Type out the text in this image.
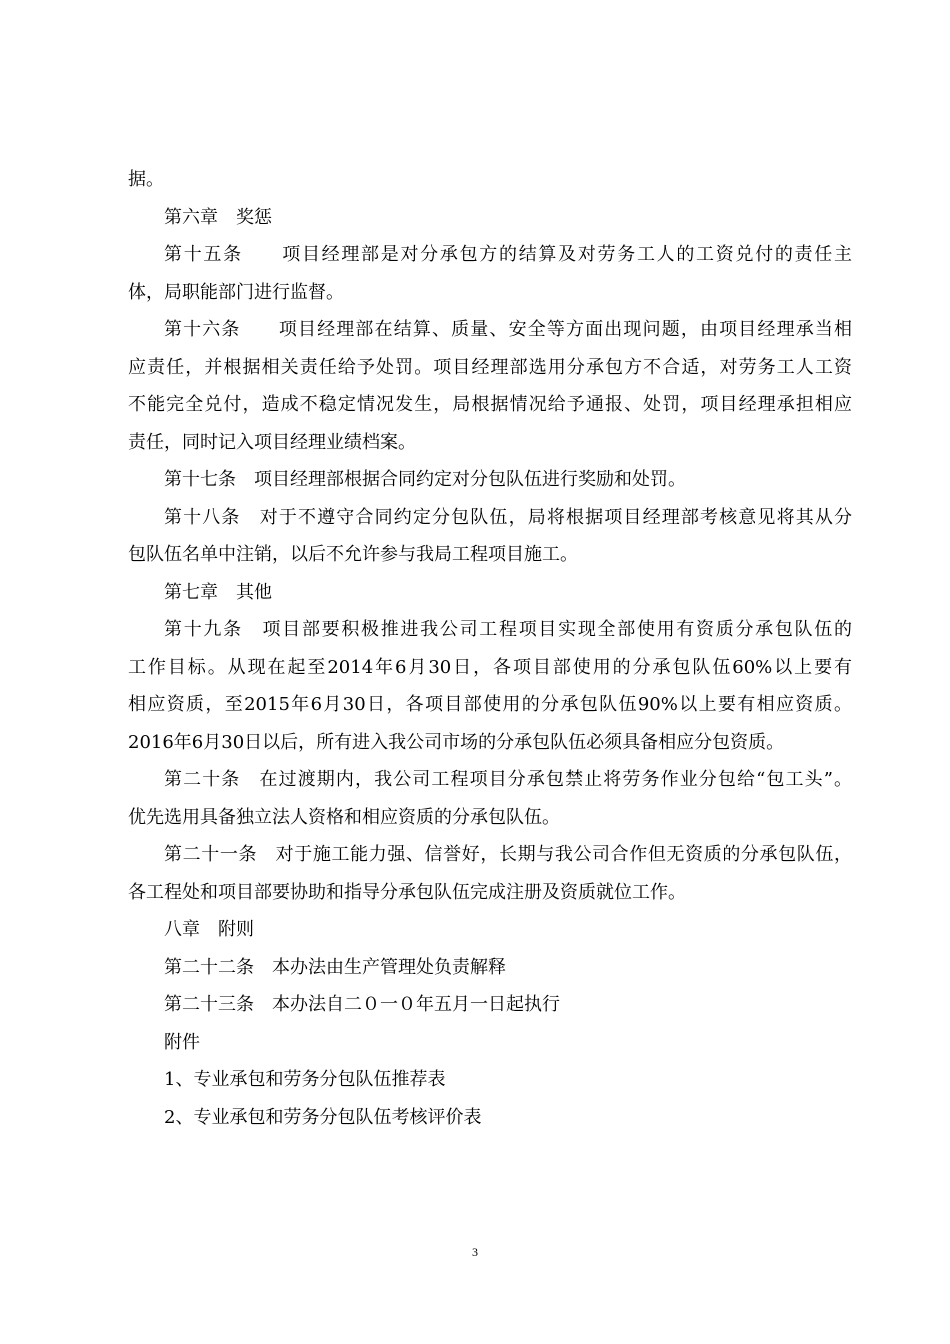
据。
第六章　奖惩
第十五条　　项目经理部是对分承包方的结算及对劳务工人的工资兑付的责任主
体，局职能部门进行监督。
第十六条　　项目经理部在结算、质量、安全等方面出现问题，由项目经理承当相
应责任，并根据相关责任给予处罚。项目经理部选用分承包方不合适，对劳务工人工资
不能完全兑付，造成不稳定情况发生，局根据情况给予通报、处罚，项目经理承担相应
责任，同时记入项目经理业绩档案。
第十七条　项目经理部根据合同约定对分包队伍进行奖励和处罚。
第十八条　对于不遵守合同约定分包队伍，局将根据项目经理部考核意见将其从分
包队伍名单中注销，以后不允许参与我局工程项目施工。
第七章　其他
第十九条　项目部要积极推进我公司工程项目实现全部使用有资质分承包队伍的
工作目标。从现在起至2014年6月30日，各项目部使用的分承包队伍60%以上要有
相应资质，至2015年6月30日，各项目部使用的分承包队伍90%以上要有相应资质。
2016年6月30日以后，所有进入我公司市场的分承包队伍必须具备相应分包资质。
第二十条　在过渡期内，我公司工程项目分承包禁止将劳务作业分包给“包工头”。
优先选用具备独立法人资格和相应资质的分承包队伍。
第二十一条　对于施工能力强、信誉好，长期与我公司合作但无资质的分承包队伍，
各工程处和项目部要协助和指导分承包队伍完成注册及资质就位工作。
八章　附则
第二十二条　本办法由生产管理处负责解释
第二十三条　本办法自二０一０年五月一日起执行
附件
1、专业承包和劳务分包队伍推荐表
2、专业承包和劳务分包队伍考核评价表
3
